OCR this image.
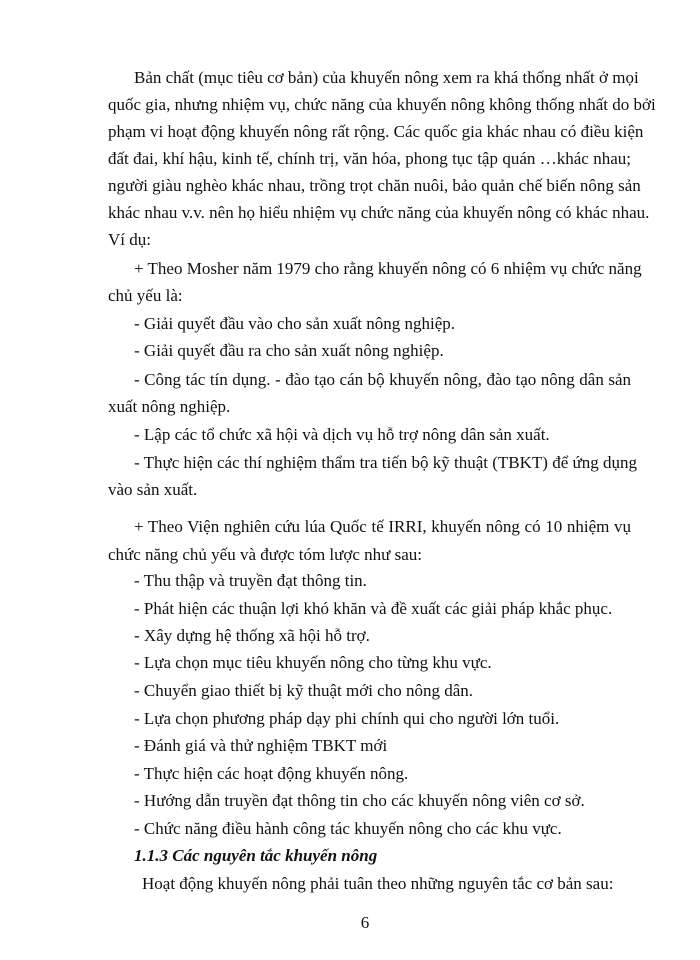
Bản chất (mục tiêu cơ bản) của khuyến nông xem ra khá thống nhất ở mọi
quốc gia, nhưng nhiệm vụ, chức năng của khuyến nông không thống nhất do bởi
phạm vi hoạt động khuyến nông rất rộng. Các quốc gia khác nhau có điều kiện
đất đai, khí hậu, kinh tế, chính trị, văn hóa, phong tục tập quán …khác nhau;
người giàu nghèo khác nhau, trồng trọt chăn nuôi, bảo quản chế biến nông sản
khác nhau v.v. nên họ hiểu nhiệm vụ chức năng của khuyến nông có khác nhau.
Ví dụ:
+ Theo Mosher năm 1979 cho rằng khuyến nông có 6 nhiệm vụ chức năng
chủ yếu là:
- Giải quyết đầu vào cho sản xuất nông nghiệp.
- Giải quyết đầu ra cho sản xuất nông nghiệp.
- Công tác tín dụng. - đào tạo cán bộ khuyến nông, đào tạo nông dân sản
xuất nông nghiệp.
- Lập các tổ chức xã hội và dịch vụ hỗ trợ nông dân sản xuất.
- Thực hiện các thí nghiệm thẩm tra tiến bộ kỹ thuật (TBKT) để ứng dụng
vào sản xuất.
+ Theo Viện nghiên cứu lúa Quốc tế IRRI, khuyến nông có 10 nhiệm vụ
chức năng chủ yếu và được tóm lược như sau:
- Thu thập và truyền đạt thông tin.
- Phát hiện các thuận lợi khó khăn và đề xuất các giải pháp khắc phục.
- Xây dựng hệ thống xã hội hỗ trợ.
- Lựa chọn mục tiêu khuyến nông cho từng khu vực.
- Chuyển giao thiết bị kỹ thuật mới cho nông dân.
- Lựa chọn phương pháp dạy phi chính qui cho người lớn tuổi.
- Đánh giá và thử nghiệm TBKT mới
- Thực hiện các hoạt động khuyến nông.
- Hướng dẫn truyền đạt thông tin cho các khuyến nông viên cơ sở.
- Chức năng điều hành công tác khuyến nông cho các khu vực.
1.1.3 Các nguyên tắc khuyến nông
Hoạt động khuyến nông phải tuân theo những nguyên tắc cơ bản sau:
6
